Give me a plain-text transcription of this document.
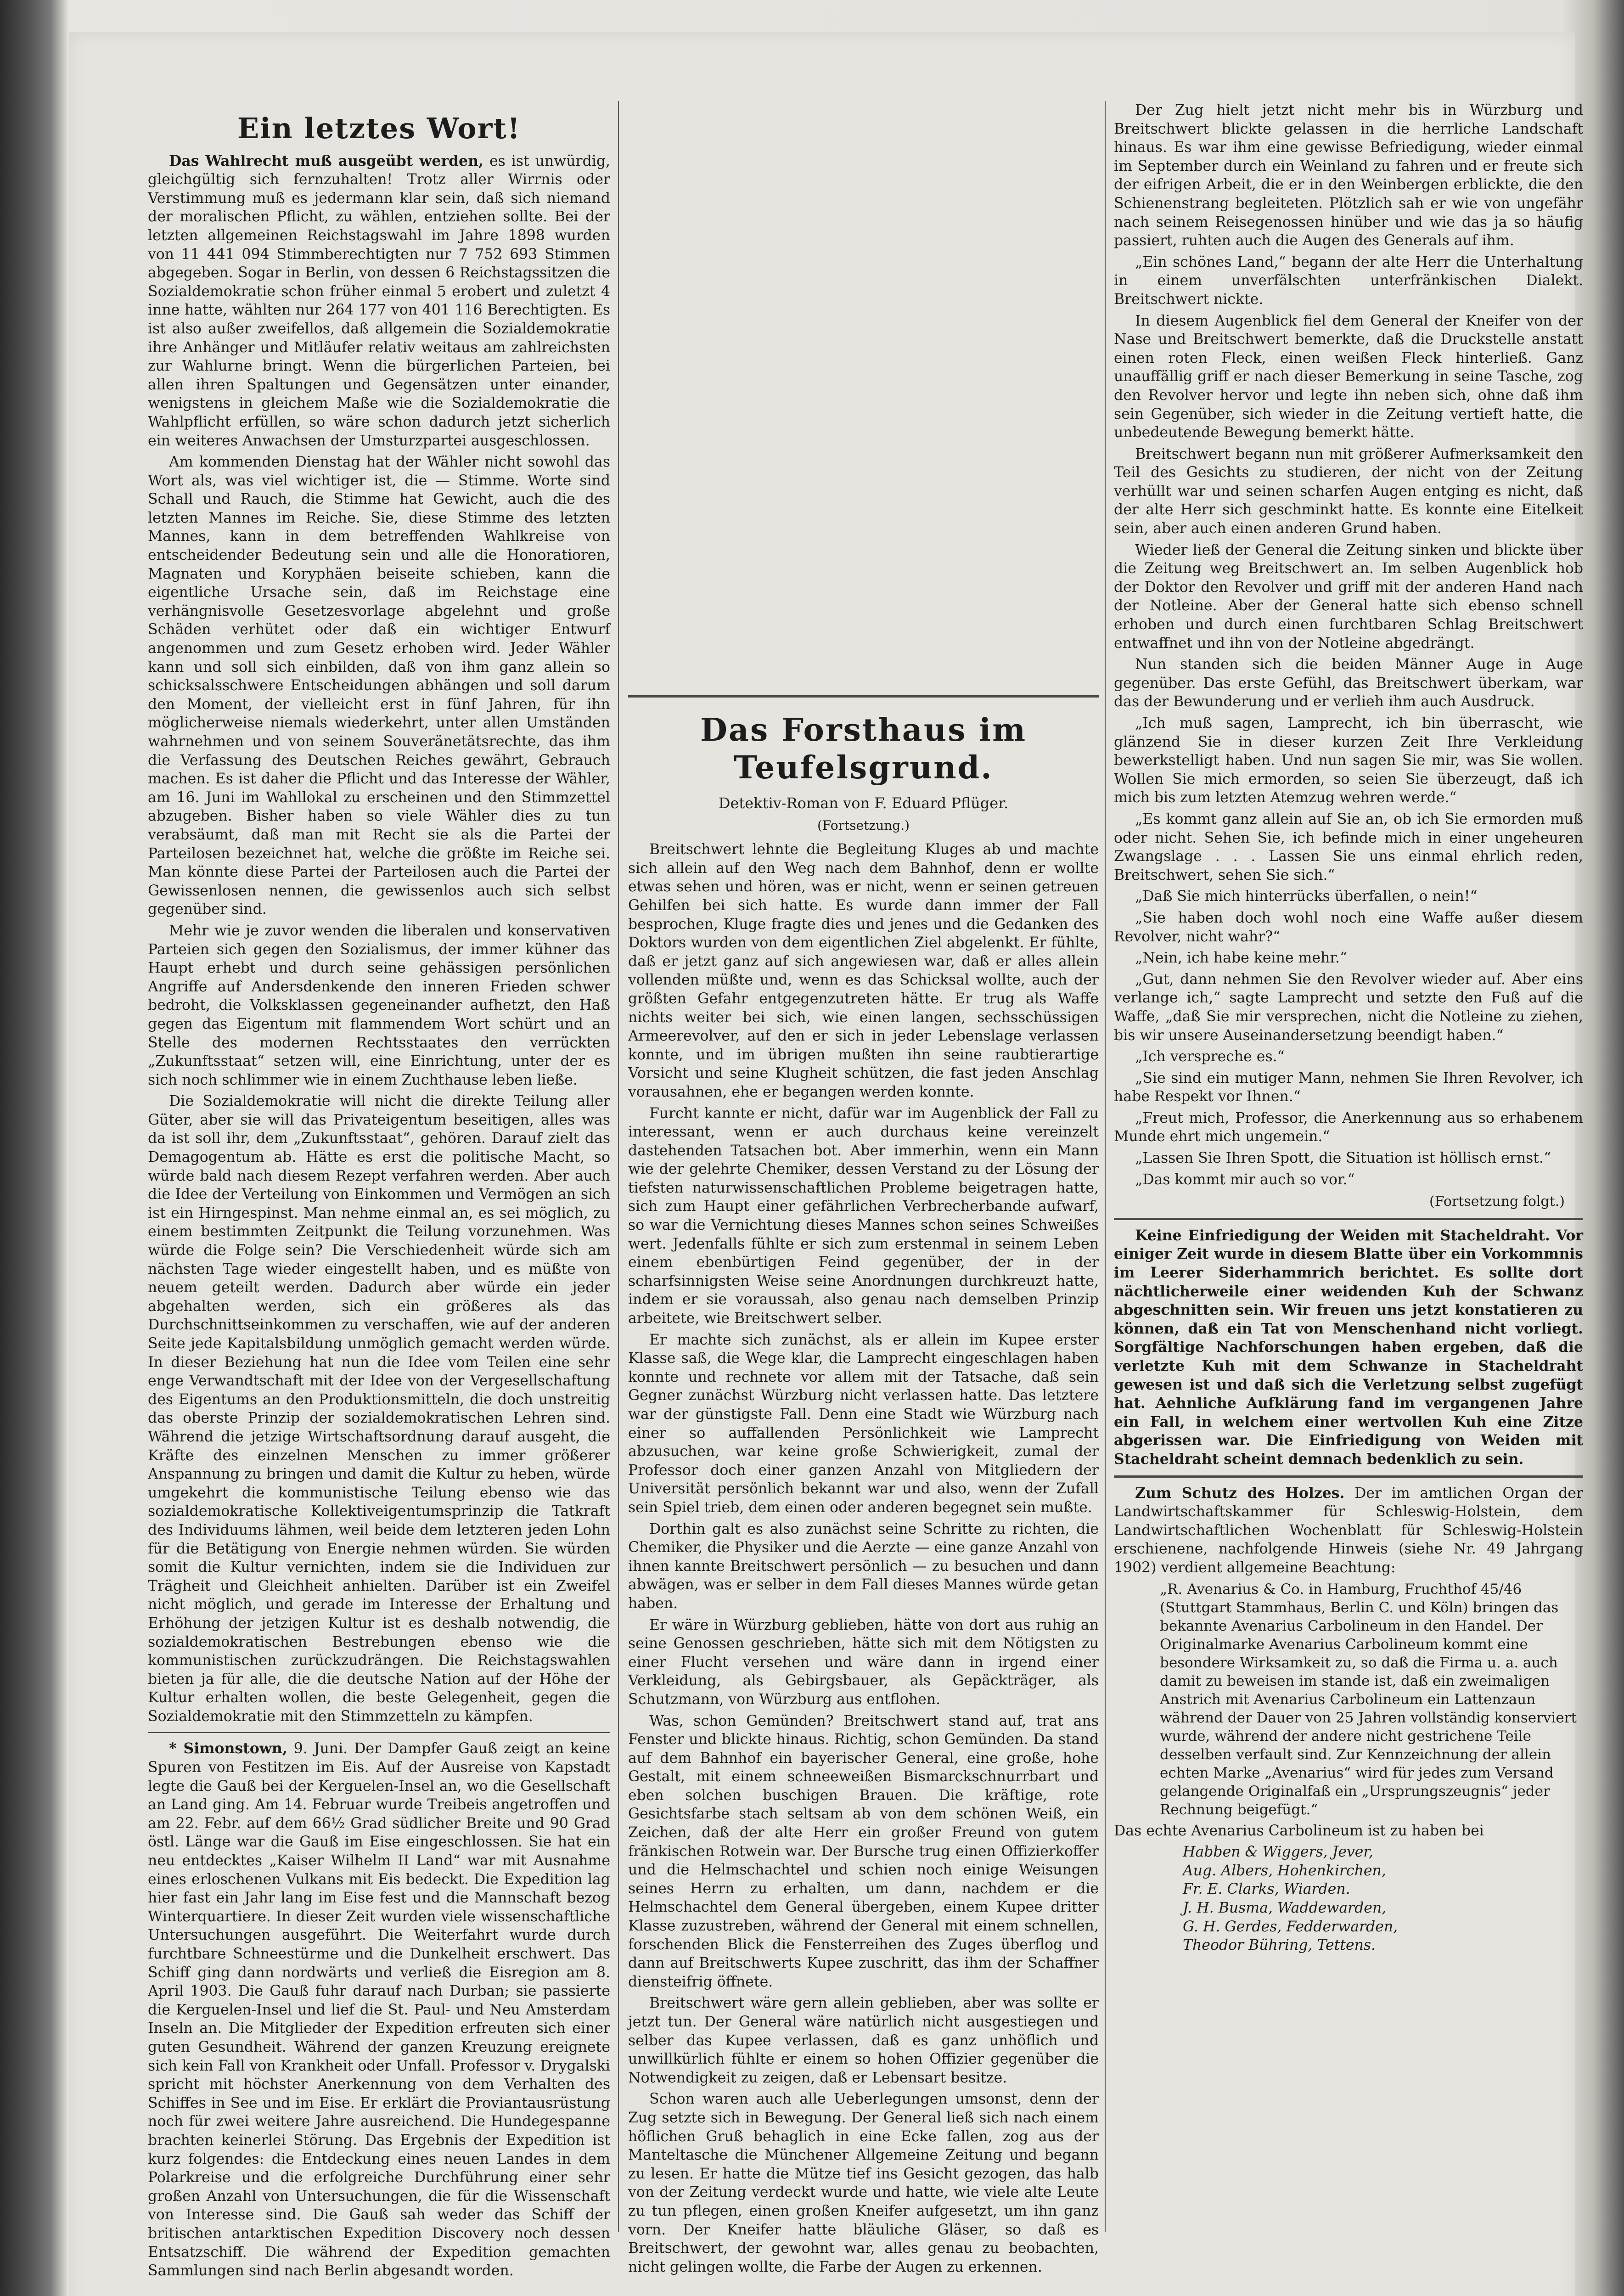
Ein letztes Wort!

Das Wahlrecht muß ausgeübt werden, es ist unwürdig, gleichgültig sich fernzuhalten! Trotz aller Wirrnis oder Verstimmung muß es jedermann klar sein, daß sich niemand der moralischen Pflicht, zu wählen, entziehen sollte. Bei der letzten allgemeinen Reichstagswahl im Jahre 1898 wurden von 11 441 094 Stimmberechtigten nur 7 752 693 Stimmen abgegeben. Sogar in Berlin, von dessen 6 Reichstagssitzen die Sozialdemokratie schon früher einmal 5 erobert und zuletzt 4 inne hatte, wählten nur 264 177 von 401 116 Berechtigten. Es ist also außer zweifellos, daß allgemein die Sozialdemokratie ihre Anhänger und Mitläufer relativ weitaus am zahlreichsten zur Wahlurne bringt. Wenn die bürgerlichen Parteien, bei allen ihren Spaltungen und Gegensätzen unter einander, wenigstens in gleichem Maße wie die Sozialdemokratie die Wahlpflicht erfüllen, so wäre schon dadurch jetzt sicherlich ein weiteres Anwachsen der Umsturzpartei ausgeschlossen.

Am kommenden Dienstag hat der Wähler nicht sowohl das Wort als, was viel wichtiger ist, die — Stimme. Worte sind Schall und Rauch, die Stimme hat Gewicht, auch die des letzten Mannes im Reiche. Sie, diese Stimme des letzten Mannes, kann in dem betreffenden Wahlkreise von entscheidender Bedeutung sein und alle die Honoratioren, Magnaten und Koryphäen beiseite schieben, kann die eigentliche Ursache sein, daß im Reichstage eine verhängnisvolle Gesetzesvorlage abgelehnt und große Schäden verhütet oder daß ein wichtiger Entwurf angenommen und zum Gesetz erhoben wird. Jeder Wähler kann und soll sich einbilden, daß von ihm ganz allein so schicksalsschwere Entscheidungen abhängen und soll darum den Moment, der vielleicht erst in fünf Jahren, für ihn möglicherweise niemals wiederkehrt, unter allen Umständen wahrnehmen und von seinem Souveränetätsrechte, das ihm die Verfassung des Deutschen Reiches gewährt, Gebrauch machen. Es ist daher die Pflicht und das Interesse der Wähler, am 16. Juni im Wahllokal zu erscheinen und den Stimmzettel abzugeben. Bisher haben so viele Wähler dies zu tun verabsäumt, daß man mit Recht sie als die Partei der Parteilosen bezeichnet hat, welche die größte im Reiche sei. Man könnte diese Partei der Parteilosen auch die Partei der Gewissenlosen nennen, die gewissenlos auch sich selbst gegenüber sind.

Mehr wie je zuvor wenden die liberalen und konservativen Parteien sich gegen den Sozialismus, der immer kühner das Haupt erhebt und durch seine gehässigen persönlichen Angriffe auf Andersdenkende den inneren Frieden schwer bedroht, die Volksklassen gegeneinander aufhetzt, den Haß gegen das Eigentum mit flammendem Wort schürt und an Stelle des modernen Rechtsstaates den verrückten „Zukunftsstaat“ setzen will, eine Einrichtung, unter der es sich noch schlimmer wie in einem Zuchthause leben ließe.

Die Sozialdemokratie will nicht die direkte Teilung aller Güter, aber sie will das Privateigentum beseitigen, alles was da ist soll ihr, dem „Zukunftsstaat“, gehören. Darauf zielt das Demagogentum ab. Hätte es erst die politische Macht, so würde bald nach diesem Rezept verfahren werden. Aber auch die Idee der Verteilung von Einkommen und Vermögen an sich ist ein Hirngespinst. Man nehme einmal an, es sei möglich, zu einem bestimmten Zeitpunkt die Teilung vorzunehmen. Was würde die Folge sein? Die Verschiedenheit würde sich am nächsten Tage wieder eingestellt haben, und es müßte von neuem geteilt werden. Dadurch aber würde ein jeder abgehalten werden, sich ein größeres als das Durchschnittseinkommen zu verschaffen, wie auf der anderen Seite jede Kapitalsbildung unmöglich gemacht werden würde. In dieser Beziehung hat nun die Idee vom Teilen eine sehr enge Verwandtschaft mit der Idee von der Vergesellschaftung des Eigentums an den Produktionsmitteln, die doch unstreitig das oberste Prinzip der sozialdemokratischen Lehren sind. Während die jetzige Wirtschaftsordnung darauf ausgeht, die Kräfte des einzelnen Menschen zu immer größerer Anspannung zu bringen und damit die Kultur zu heben, würde umgekehrt die kommunistische Teilung ebenso wie das sozialdemokratische Kollektiveigentumsprinzip die Tatkraft des Individuums lähmen, weil beide dem letzteren jeden Lohn für die Betätigung von Energie nehmen würden. Sie würden somit die Kultur vernichten, indem sie die Individuen zur Trägheit und Gleichheit anhielten. Darüber ist ein Zweifel nicht möglich, und gerade im Interesse der Erhaltung und Erhöhung der jetzigen Kultur ist es deshalb notwendig, die sozialdemokratischen Bestrebungen ebenso wie die kommunistischen zurückzudrängen. Die Reichstagswahlen bieten ja für alle, die die deutsche Nation auf der Höhe der Kultur erhalten wollen, die beste Gelegenheit, gegen die Sozialdemokratie mit den Stimmzetteln zu kämpfen.

* Simonstown, 9. Juni. Der Dampfer Gauß zeigt an keine Spuren von Festitzen im Eis. Auf der Ausreise von Kapstadt legte die Gauß bei der Kerguelen-Insel an, wo die Gesellschaft an Land ging. Am 14. Februar wurde Treibeis angetroffen und am 22. Febr. auf dem 66½ Grad südlicher Breite und 90 Grad östl. Länge war die Gauß im Eise eingeschlossen. Sie hat ein neu entdecktes „Kaiser Wilhelm II Land“ war mit Ausnahme eines erloschenen Vulkans mit Eis bedeckt. Die Expedition lag hier fast ein Jahr lang im Eise fest und die Mannschaft bezog Winterquartiere. In dieser Zeit wurden viele wissenschaftliche Untersuchungen ausgeführt. Die Weiterfahrt wurde durch furchtbare Schneestürme und die Dunkelheit erschwert. Das Schiff ging dann nordwärts und verließ die Eisregion am 8. April 1903. Die Gauß fuhr darauf nach Durban; sie passierte die Kerguelen-Insel und lief die St. Paul- und Neu Amsterdam Inseln an. Die Mitglieder der Expedition erfreuten sich einer guten Gesundheit. Während der ganzen Kreuzung ereignete sich kein Fall von Krankheit oder Unfall. Professor v. Drygalski spricht mit höchster Anerkennung von dem Verhalten des Schiffes in See und im Eise. Er erklärt die Proviantausrüstung noch für zwei weitere Jahre ausreichend. Die Hundegespanne brachten keinerlei Störung. Das Ergebnis der Expedition ist kurz folgendes: die Entdeckung eines neuen Landes in dem Polarkreise und die erfolgreiche Durchführung einer sehr großen Anzahl von Untersuchungen, die für die Wissenschaft von Interesse sind. Die Gauß sah weder das Schiff der britischen antarktischen Expedition Discovery noch dessen Entsatzschiff. Die während der Expedition gemachten Sammlungen sind nach Berlin abgesandt worden.

Das Forsthaus im Teufelsgrund.
Detektiv-Roman von F. Eduard Pflüger.
(Fortsetzung.)

Breitschwert lehnte die Begleitung Kluges ab und machte sich allein auf den Weg nach dem Bahnhof, denn er wollte etwas sehen und hören, was er nicht, wenn er seinen getreuen Gehilfen bei sich hatte. Es wurde dann immer der Fall besprochen, Kluge fragte dies und jenes und die Gedanken des Doktors wurden von dem eigentlichen Ziel abgelenkt. Er fühlte, daß er jetzt ganz auf sich angewiesen war, daß er alles allein vollenden müßte und, wenn es das Schicksal wollte, auch der größten Gefahr entgegenzutreten hätte. Er trug als Waffe nichts weiter bei sich, wie einen langen, sechsschüssigen Armeerevolver, auf den er sich in jeder Lebenslage verlassen konnte, und im übrigen mußten ihn seine raubtierartige Vorsicht und seine Klugheit schützen, die fast jeden Anschlag vorausahnen, ehe er begangen werden konnte.

Furcht kannte er nicht, dafür war im Augenblick der Fall zu interessant, wenn er auch durchaus keine vereinzelt dastehenden Tatsachen bot. Aber immerhin, wenn ein Mann wie der gelehrte Chemiker, dessen Verstand zu der Lösung der tiefsten naturwissenschaftlichen Probleme beigetragen hatte, sich zum Haupt einer gefährlichen Verbrecherbande aufwarf, so war die Vernichtung dieses Mannes schon seines Schweißes wert. Jedenfalls fühlte er sich zum erstenmal in seinem Leben einem ebenbürtigen Feind gegenüber, der in der scharfsinnigsten Weise seine Anordnungen durchkreuzt hatte, indem er sie voraussah, also genau nach demselben Prinzip arbeitete, wie Breitschwert selber.

Er machte sich zunächst, als er allein im Kupee erster Klasse saß, die Wege klar, die Lamprecht eingeschlagen haben konnte und rechnete vor allem mit der Tatsache, daß sein Gegner zunächst Würzburg nicht verlassen hatte. Das letztere war der günstigste Fall. Denn eine Stadt wie Würzburg nach einer so auffallenden Persönlichkeit wie Lamprecht abzusuchen, war keine große Schwierigkeit, zumal der Professor doch einer ganzen Anzahl von Mitgliedern der Universität persönlich bekannt war und also, wenn der Zufall sein Spiel trieb, dem einen oder anderen begegnet sein mußte.

Dorthin galt es also zunächst seine Schritte zu richten, die Chemiker, die Physiker und die Aerzte — eine ganze Anzahl von ihnen kannte Breitschwert persönlich — zu besuchen und dann abwägen, was er selber in dem Fall dieses Mannes würde getan haben.

Er wäre in Würzburg geblieben, hätte von dort aus ruhig an seine Genossen geschrieben, hätte sich mit dem Nötigsten zu einer Flucht versehen und wäre dann in irgend einer Verkleidung, als Gebirgsbauer, als Gepäckträger, als Schutzmann, von Würzburg aus entflohen.

Was, schon Gemünden? Breitschwert stand auf, trat ans Fenster und blickte hinaus. Richtig, schon Gemünden. Da stand auf dem Bahnhof ein bayerischer General, eine große, hohe Gestalt, mit einem schneeweißen Bismarckschnurrbart und eben solchen buschigen Brauen. Die kräftige, rote Gesichtsfarbe stach seltsam ab von dem schönen Weiß, ein Zeichen, daß der alte Herr ein großer Freund von gutem fränkischen Rotwein war. Der Bursche trug einen Offizierkoffer und die Helmschachtel und schien noch einige Weisungen seines Herrn zu erhalten, um dann, nachdem er die Helmschachtel dem General übergeben, einem Kupee dritter Klasse zuzustreben, während der General mit einem schnellen, forschenden Blick die Fensterreihen des Zuges überflog und dann auf Breitschwerts Kupee zuschritt, das ihm der Schaffner diensteifrig öffnete.

Breitschwert wäre gern allein geblieben, aber was sollte er jetzt tun. Der General wäre natürlich nicht ausgestiegen und selber das Kupee verlassen, daß es ganz unhöflich und unwillkürlich fühlte er einem so hohen Offizier gegenüber die Notwendigkeit zu zeigen, daß er Lebensart besitze.

Schon waren auch alle Ueberlegungen umsonst, denn der Zug setzte sich in Bewegung. Der General ließ sich nach einem höflichen Gruß behaglich in eine Ecke fallen, zog aus der Manteltasche die Münchener Allgemeine Zeitung und begann zu lesen. Er hatte die Mütze tief ins Gesicht gezogen, das halb von der Zeitung verdeckt wurde und hatte, wie viele alte Leute zu tun pflegen, einen großen Kneifer aufgesetzt, um ihn ganz vorn. Der Kneifer hatte bläuliche Gläser, so daß es Breitschwert, der gewohnt war, alles genau zu beobachten, nicht gelingen wollte, die Farbe der Augen zu erkennen.

Der Zug hielt jetzt nicht mehr bis in Würzburg und Breitschwert blickte gelassen in die herrliche Landschaft hinaus. Es war ihm eine gewisse Befriedigung, wieder einmal im September durch ein Weinland zu fahren und er freute sich der eifrigen Arbeit, die er in den Weinbergen erblickte, die den Schienenstrang begleiteten. Plötzlich sah er wie von ungefähr nach seinem Reisegenossen hinüber und wie das ja so häufig passiert, ruhten auch die Augen des Generals auf ihm.

„Ein schönes Land,“ begann der alte Herr die Unterhaltung in einem unverfälschten unterfränkischen Dialekt. Breitschwert nickte.

In diesem Augenblick fiel dem General der Kneifer von der Nase und Breitschwert bemerkte, daß die Druckstelle anstatt einen roten Fleck, einen weißen Fleck hinterließ. Ganz unauffällig griff er nach dieser Bemerkung in seine Tasche, zog den Revolver hervor und legte ihn neben sich, ohne daß ihm sein Gegenüber, sich wieder in die Zeitung vertieft hatte, die unbedeutende Bewegung bemerkt hätte.

Breitschwert begann nun mit größerer Aufmerksamkeit den Teil des Gesichts zu studieren, der nicht von der Zeitung verhüllt war und seinen scharfen Augen entging es nicht, daß der alte Herr sich geschminkt hatte. Es konnte eine Eitelkeit sein, aber auch einen anderen Grund haben.

Wieder ließ der General die Zeitung sinken und blickte über die Zeitung weg Breitschwert an. Im selben Augenblick hob der Doktor den Revolver und griff mit der anderen Hand nach der Notleine. Aber der General hatte sich ebenso schnell erhoben und durch einen furchtbaren Schlag Breitschwert entwaffnet und ihn von der Notleine abgedrängt.

Nun standen sich die beiden Männer Auge in Auge gegenüber. Das erste Gefühl, das Breitschwert überkam, war das der Bewunderung und er verlieh ihm auch Ausdruck.

„Ich muß sagen, Lamprecht, ich bin überrascht, wie glänzend Sie in dieser kurzen Zeit Ihre Verkleidung bewerkstelligt haben. Und nun sagen Sie mir, was Sie wollen. Wollen Sie mich ermorden, so seien Sie überzeugt, daß ich mich bis zum letzten Atemzug wehren werde.“

„Es kommt ganz allein auf Sie an, ob ich Sie ermorden muß oder nicht. Sehen Sie, ich befinde mich in einer ungeheuren Zwangslage . . . Lassen Sie uns einmal ehrlich reden, Breitschwert, sehen Sie sich.“

„Daß Sie mich hinterrücks überfallen, o nein!“

„Sie haben doch wohl noch eine Waffe außer diesem Revolver, nicht wahr?“

„Nein, ich habe keine mehr.“

„Gut, dann nehmen Sie den Revolver wieder auf. Aber eins verlange ich,“ sagte Lamprecht und setzte den Fuß auf die Waffe, „daß Sie mir versprechen, nicht die Notleine zu ziehen, bis wir unsere Auseinandersetzung beendigt haben.“

„Ich verspreche es.“

„Sie sind ein mutiger Mann, nehmen Sie Ihren Revolver, ich habe Respekt vor Ihnen.“

„Freut mich, Professor, die Anerkennung aus so erhabenem Munde ehrt mich ungemein.“

„Lassen Sie Ihren Spott, die Situation ist höllisch ernst.“

„Das kommt mir auch so vor.“

(Fortsetzung folgt.)

Keine Einfriedigung der Weiden mit Stacheldraht. Vor einiger Zeit wurde in diesem Blatte über ein Vorkommnis im Leerer Siderhammrich berichtet. Es sollte dort nächtlicherweile einer weidenden Kuh der Schwanz abgeschnitten sein. Wir freuen uns jetzt konstatieren zu können, daß ein Tat von Menschenhand nicht vorliegt. Sorgfältige Nachforschungen haben ergeben, daß die verletzte Kuh mit dem Schwanze in Stacheldraht gewesen ist und daß sich die Verletzung selbst zugefügt hat. Aehnliche Aufklärung fand im vergangenen Jahre ein Fall, in welchem einer wertvollen Kuh eine Zitze abgerissen war. Die Einfriedigung von Weiden mit Stacheldraht scheint demnach bedenklich zu sein.

Zum Schutz des Holzes. Der im amtlichen Organ der Landwirtschaftskammer für Schleswig-Holstein, dem Landwirtschaftlichen Wochenblatt für Schleswig-Holstein erschienene, nachfolgende Hinweis (siehe Nr. 49 Jahrgang 1902) verdient allgemeine Beachtung:

„R. Avenarius & Co. in Hamburg, Fruchthof 45/46 (Stuttgart Stammhaus, Berlin C. und Köln) bringen das bekannte Avenarius Carbolineum in den Handel. Der Originalmarke Avenarius Carbolineum kommt eine besondere Wirksamkeit zu, so daß die Firma u. a. auch damit zu beweisen im stande ist, daß ein zweimaligen Anstrich mit Avenarius Carbolineum ein Lattenzaun während der Dauer von 25 Jahren vollständig konserviert wurde, während der andere nicht gestrichene Teile desselben verfault sind. Zur Kennzeichnung der allein echten Marke „Avenarius“ wird für jedes zum Versand gelangende Originalfaß ein „Ursprungszeugnis“ jeder Rechnung beigefügt.“

Das echte Avenarius Carbolineum ist zu haben bei

Habben & Wiggers, Jever,
Aug. Albers, Hohenkirchen,
Fr. E. Clarks, Wiarden.
J. H. Busma, Waddewarden,
G. H. Gerdes, Fedderwarden,
Theodor Bühring, Tettens.
